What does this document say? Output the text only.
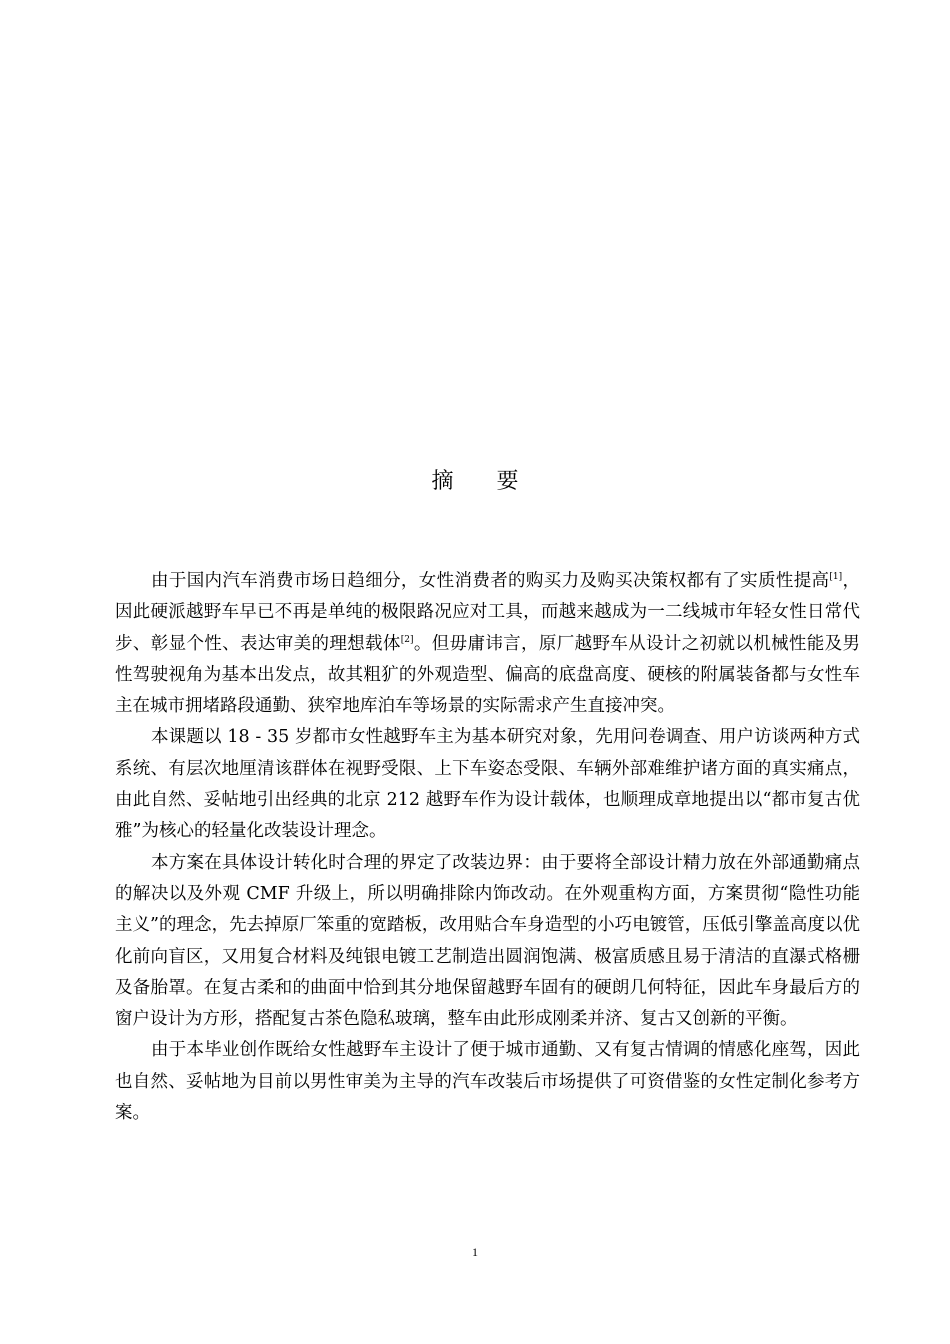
摘 要

由于国内汽车消费市场日趋细分，女性消费者的购买力及购买决策权都有了实质性提高[1]，因此硬派越野车早已不再是单纯的极限路况应对工具，而越来越成为一二线城市年轻女性日常代步、彰显个性、表达审美的理想载体[2]。但毋庸讳言，原厂越野车从设计之初就以机械性能及男性驾驶视角为基本出发点，故其粗犷的外观造型、偏高的底盘高度、硬核的附属装备都与女性车主在城市拥堵路段通勤、狭窄地库泊车等场景的实际需求产生直接冲突。

本课题以 18 - 35 岁都市女性越野车主为基本研究对象，先用问卷调查、用户访谈两种方式系统、有层次地厘清该群体在视野受限、上下车姿态受限、车辆外部难维护诸方面的真实痛点，由此自然、妥帖地引出经典的北京 212 越野车作为设计载体，也顺理成章地提出以“都市复古优雅”为核心的轻量化改装设计理念。

本方案在具体设计转化时合理的界定了改装边界：由于要将全部设计精力放在外部通勤痛点的解决以及外观 CMF 升级上，所以明确排除内饰改动。在外观重构方面，方案贯彻“隐性功能主义”的理念，先去掉原厂笨重的宽踏板，改用贴合车身造型的小巧电镀管，压低引擎盖高度以优化前向盲区，又用复合材料及纯银电镀工艺制造出圆润饱满、极富质感且易于清洁的直瀑式格栅及备胎罩。在复古柔和的曲面中恰到其分地保留越野车固有的硬朗几何特征，因此车身最后方的窗户设计为方形，搭配复古茶色隐私玻璃，整车由此形成刚柔并济、复古又创新的平衡。

由于本毕业创作既给女性越野车主设计了便于城市通勤、又有复古情调的情感化座驾，因此也自然、妥帖地为目前以男性审美为主导的汽车改装后市场提供了可资借鉴的女性定制化参考方案。

1
